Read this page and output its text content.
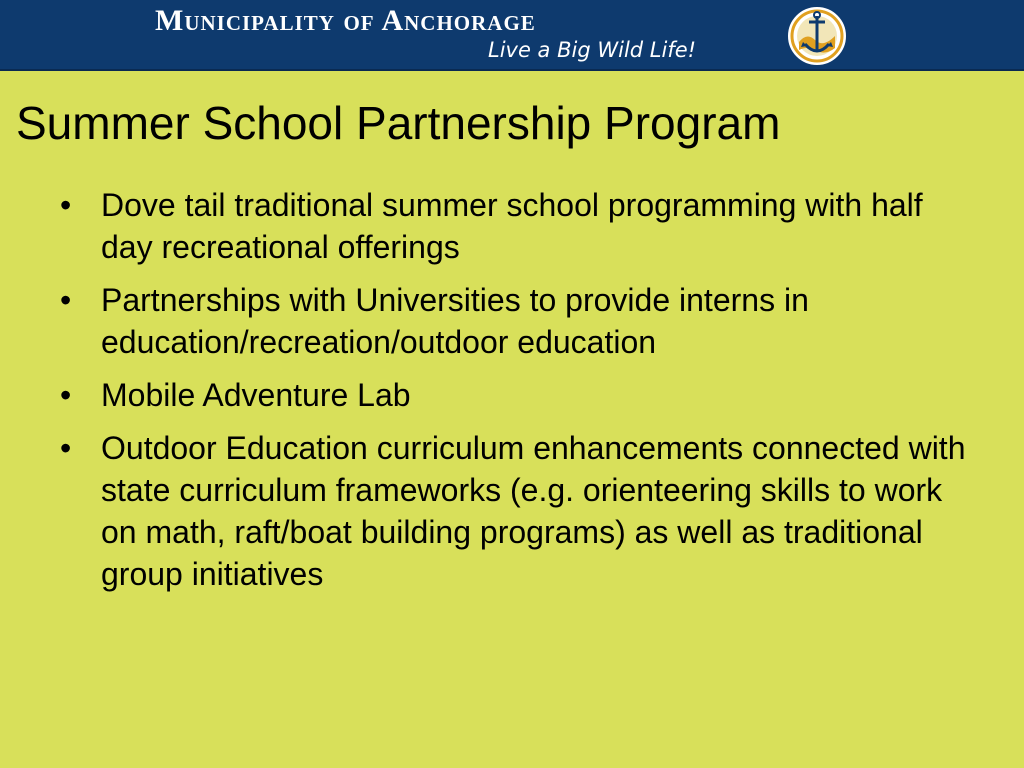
Municipality of Anchorage
Live a Big Wild Life!
Summer School Partnership Program
• Dove tail traditional summer school programming with half day recreational offerings
• Partnerships with Universities to provide interns in education/recreation/outdoor education
• Mobile Adventure Lab
• Outdoor Education curriculum enhancements connected with state curriculum frameworks (e.g. orienteering skills to work on math, raft/boat building programs) as well as traditional group initiatives
